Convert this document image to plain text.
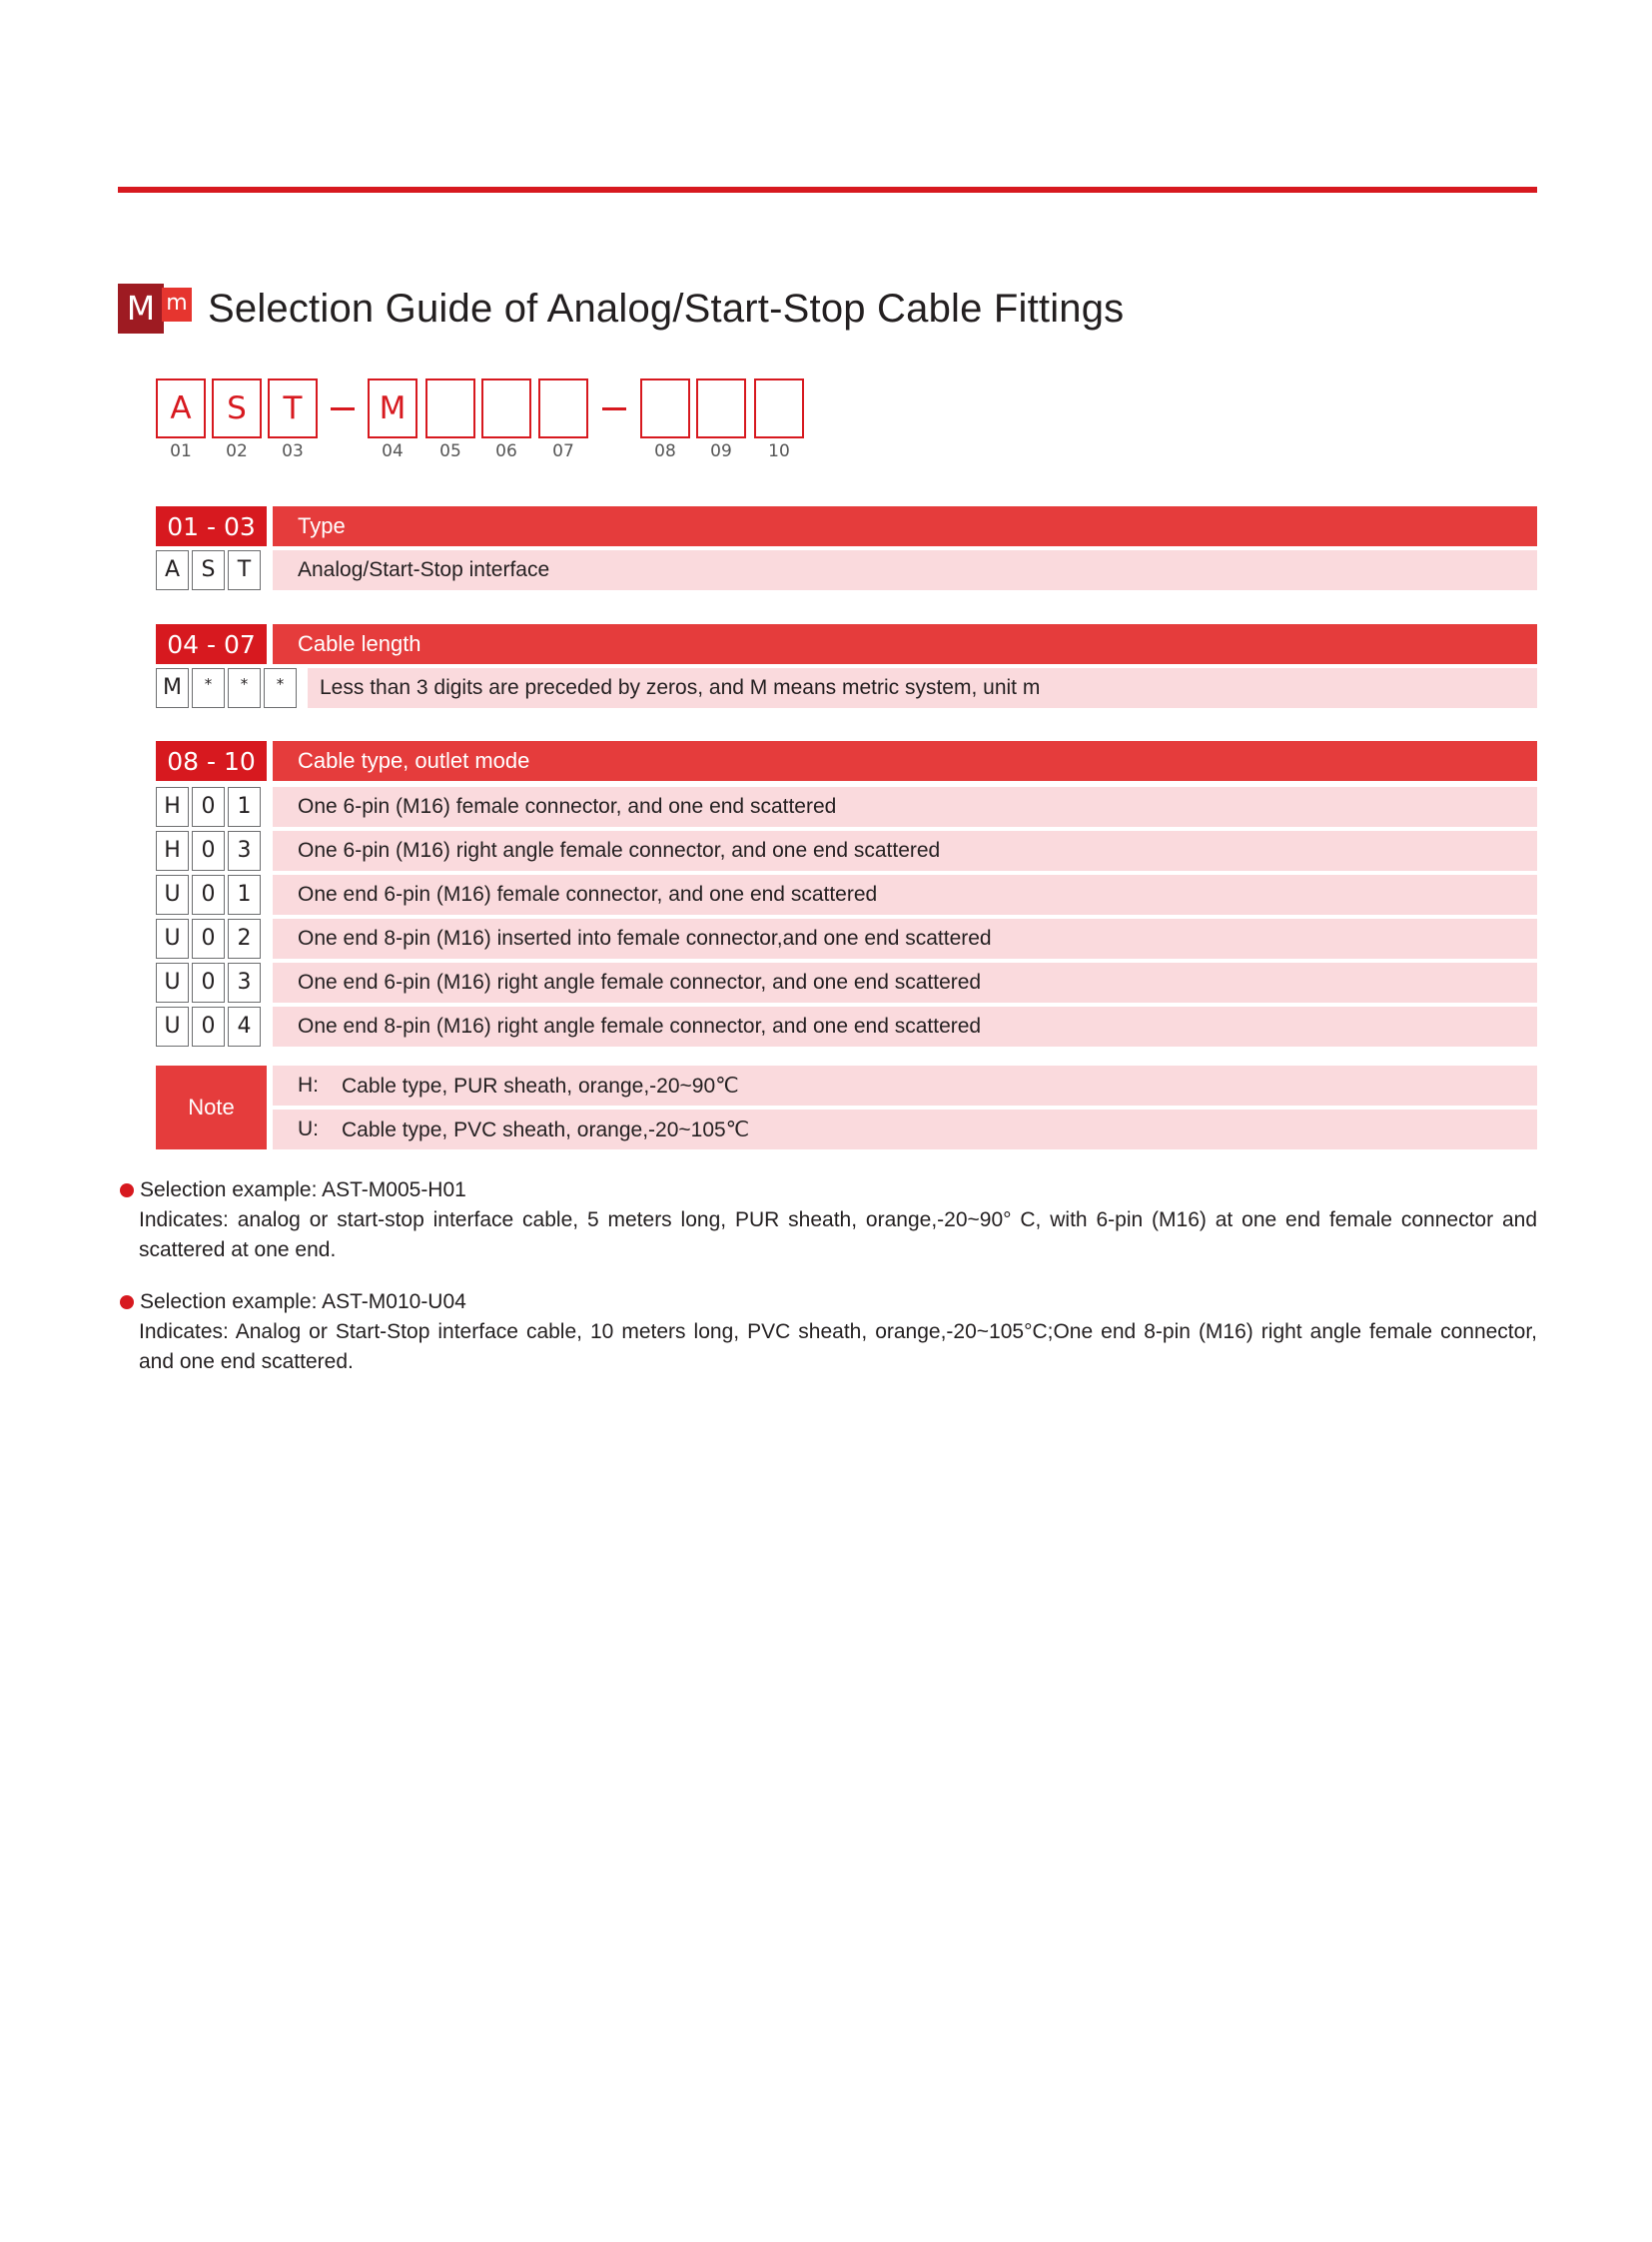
M m Selection Guide of Analog/Start-Stop Cable Fittings
A	S	T	M
01	02	03	04	05	06	07	08	09	10
01 - 03	Type
A S	T	Analog/Start-Stop interface
04 - 07	Cable length
M	*	*	*	Less than 3 digits are preceded by zeros, and M means metric system, unit m
08 - 10	Cable type, outlet mode
H 0	1	One 6-pin (M16) female connector, and one end scattered
H 0	3	One 6-pin (M16) right angle female connector, and one end scattered
U 0	1	One end 6-pin (M16) female connector, and one end scattered
U 0	2	One end 8-pin (M16) inserted into female connector,and one end scattered
U 0	3	One end 6-pin (M16) right angle female connector, and one end scattered
U 0	4	One end 8-pin (M16) right angle female connector, and one end scattered
Note
H:	Cable type, PUR sheath, orange,-20~90℃
U:	Cable type, PVC sheath, orange,-20~105℃
Selection example: AST-M005-H01
Indicates: analog or start-stop interface cable, 5 meters long, PUR sheath, orange,-20~90° C, with 6-pin (M16) at one end female connector and scattered at one end.
Selection example: AST-M010-U04
Indicates: Analog or Start-Stop interface cable, 10 meters long, PVC sheath, orange,-20~105°C;One end 8-pin (M16) right angle female connector, and one end scattered.
